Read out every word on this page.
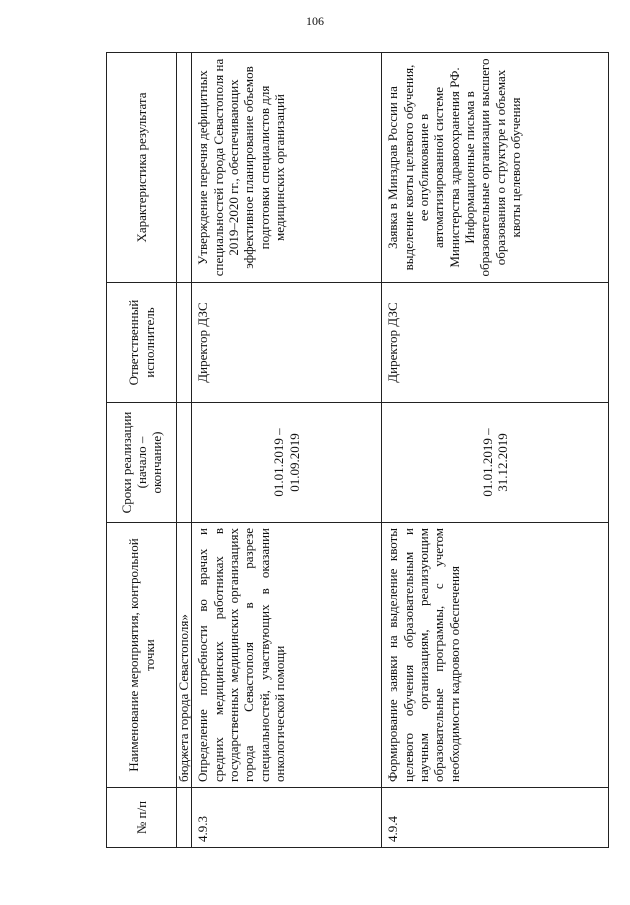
106
№ п/п	Наименование мероприятия, контрольной точки	Сроки реализации (начало – окончание)	Ответственный исполнитель	Характеристика результата
	бюджета города Севастополя»			
4.9.3	Определение потребности во врачах и средних медицинских работниках в государственных медицинских организациях города Севастополя в разрезе специальностей, участвующих в оказании онкологической помощи	01.01.2019 – 01.09.2019	Директор ДЗС	Утверждение перечня дефицитных специальностей города Севастополя на 2019–2020 гг., обеспечивающих эффективное планирование объемов подготовки специалистов для медицинских организаций
4.9.4	Формирование заявки на выделение квоты целевого обучения образовательным и научным организациям, реализующим образовательные программы, с учетом необходимости кадрового обеспечения	01.01.2019 – 31.12.2019	Директор ДЗС	Заявка в Минздрав России на выделение квоты целевого обучения, ее опубликование в автоматизированной системе Министерства здравоохранения РФ. Информационные письма в образовательные организации высшего образования о структуре и объемах квоты целевого обучения
